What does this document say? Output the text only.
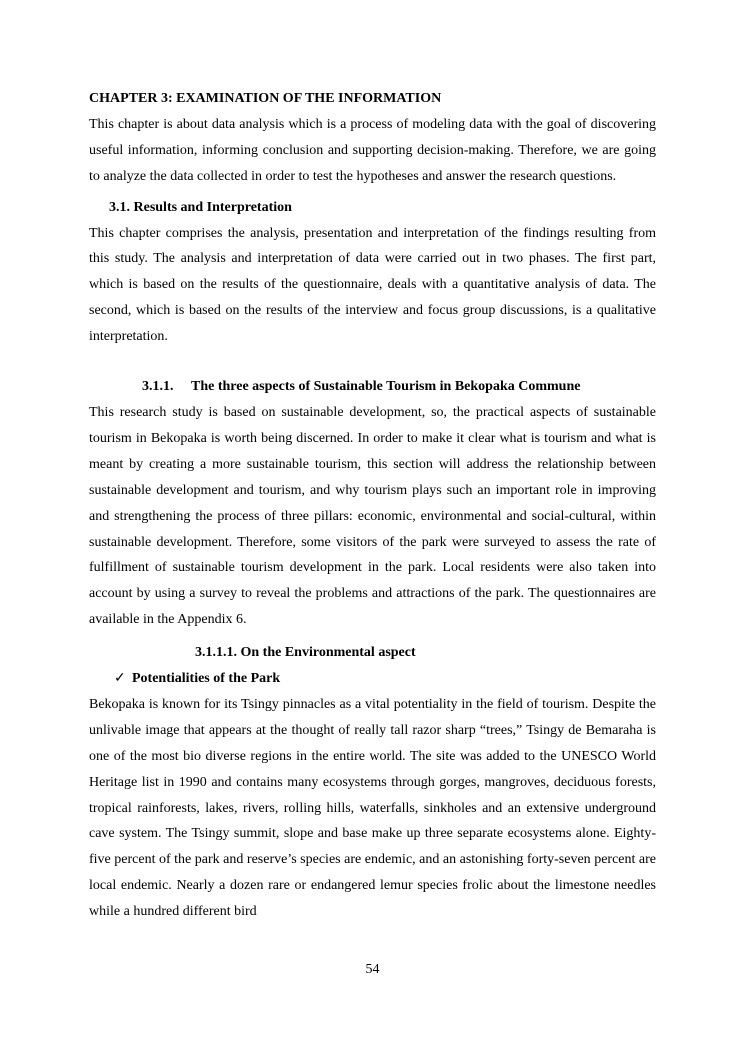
CHAPTER 3: EXAMINATION OF THE INFORMATION

This chapter is about data analysis which is a process of modeling data with the goal of discovering useful information, informing conclusion and supporting decision-making. Therefore, we are going to analyze the data collected in order to test the hypotheses and answer the research questions.

3.1. Results and Interpretation

This chapter comprises the analysis, presentation and interpretation of the findings resulting from this study. The analysis and interpretation of data were carried out in two phases. The first part, which is based on the results of the questionnaire, deals with a quantitative analysis of data. The second, which is based on the results of the interview and focus group discussions, is a qualitative interpretation.

3.1.1. The three aspects of Sustainable Tourism in Bekopaka Commune

This research study is based on sustainable development, so, the practical aspects of sustainable tourism in Bekopaka is worth being discerned. In order to make it clear what is tourism and what is meant by creating a more sustainable tourism, this section will address the relationship between sustainable development and tourism, and why tourism plays such an important role in improving and strengthening the process of three pillars: economic, environmental and social-cultural, within sustainable development. Therefore, some visitors of the park were surveyed to assess the rate of fulfillment of sustainable tourism development in the park. Local residents were also taken into account by using a survey to reveal the problems and attractions of the park. The questionnaires are available in the Appendix 6.

3.1.1.1. On the Environmental aspect

✓ Potentialities of the Park

Bekopaka is known for its Tsingy pinnacles as a vital potentiality in the field of tourism. Despite the unlivable image that appears at the thought of really tall razor sharp “trees,” Tsingy de Bemaraha is one of the most bio diverse regions in the entire world. The site was added to the UNESCO World Heritage list in 1990 and contains many ecosystems through gorges, mangroves, deciduous forests, tropical rainforests, lakes, rivers, rolling hills, waterfalls, sinkholes and an extensive underground cave system. The Tsingy summit, slope and base make up three separate ecosystems alone. Eighty-five percent of the park and reserve’s species are endemic, and an astonishing forty-seven percent are local endemic. Nearly a dozen rare or endangered lemur species frolic about the limestone needles while a hundred different bird

54
